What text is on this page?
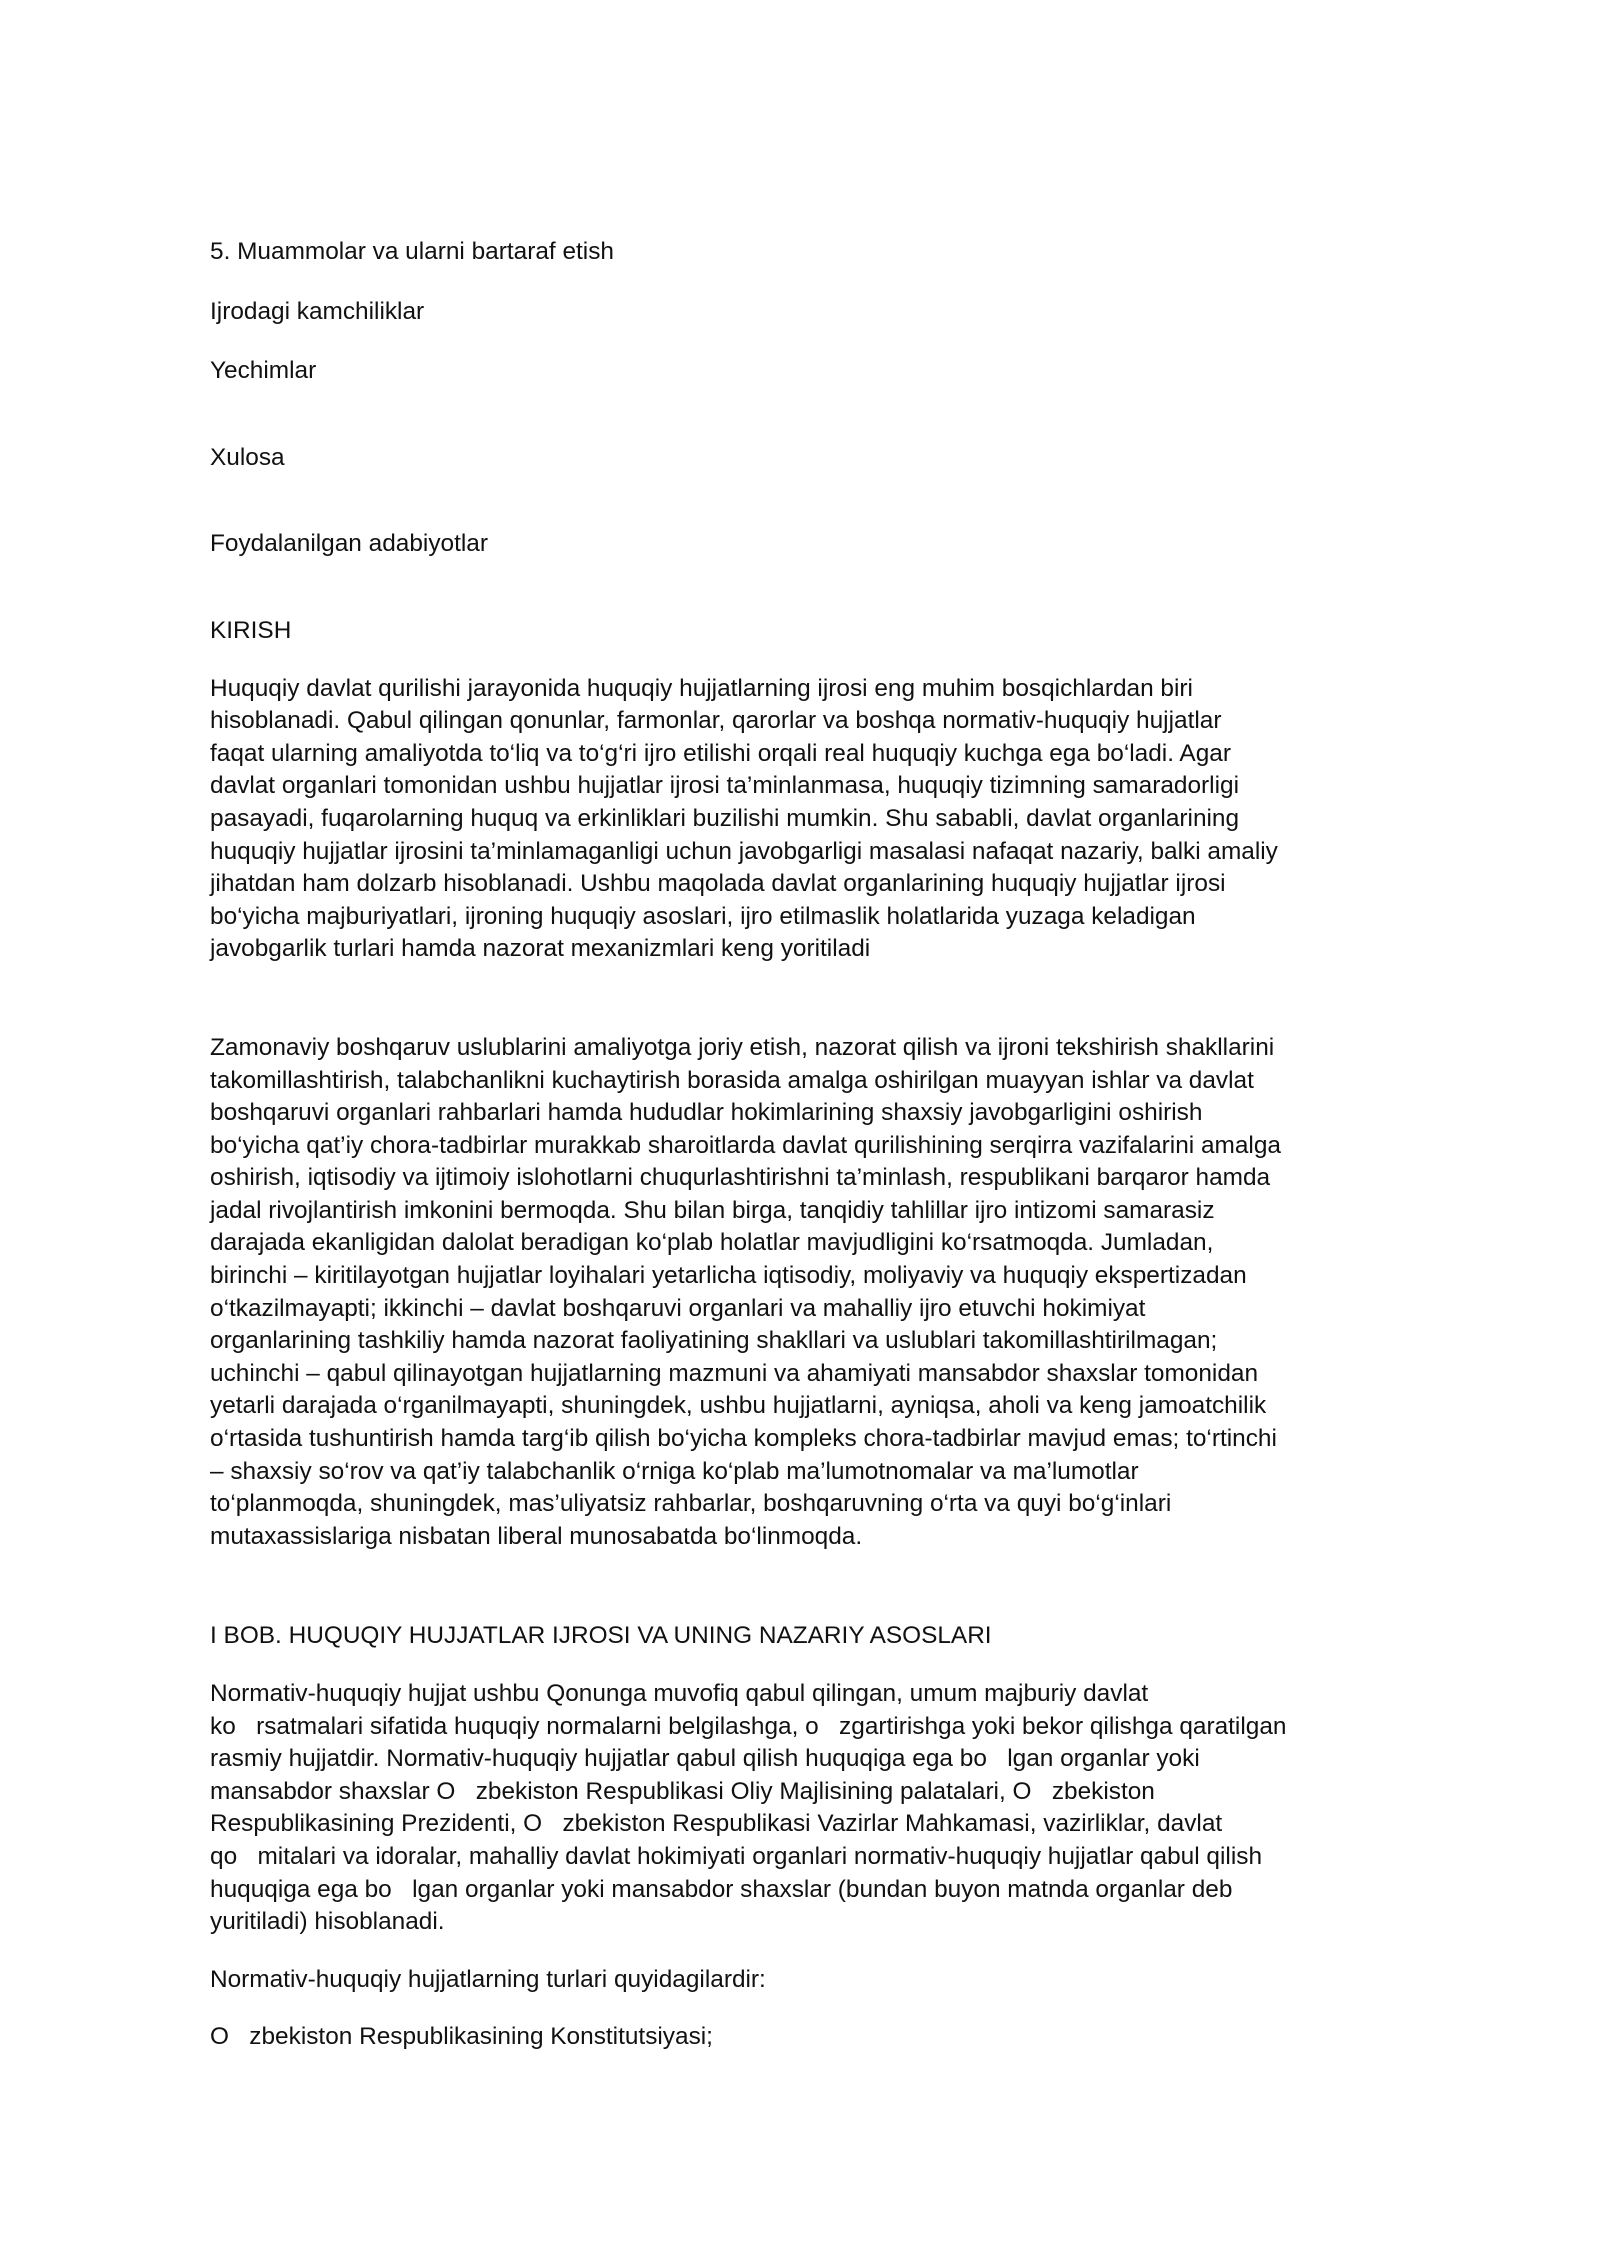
5. Muammolar va ularni bartaraf etish

Ijrodagi kamchiliklar

Yechimlar

Xulosa

Foydalanilgan adabiyotlar

KIRISH

Huquqiy davlat qurilishi jarayonida huquqiy hujjatlarning ijrosi eng muhim bosqichlardan biri
hisoblanadi. Qabul qilingan qonunlar, farmonlar, qarorlar va boshqa normativ-huquqiy hujjatlar
faqat ularning amaliyotda to‘liq va to‘g‘ri ijro etilishi orqali real huquqiy kuchga ega bo‘ladi. Agar
davlat organlari tomonidan ushbu hujjatlar ijrosi ta’minlanmasa, huquqiy tizimning samaradorligi
pasayadi, fuqarolarning huquq va erkinliklari buzilishi mumkin. Shu sababli, davlat organlarining
huquqiy hujjatlar ijrosini ta’minlamaganligi uchun javobgarligi masalasi nafaqat nazariy, balki amaliy
jihatdan ham dolzarb hisoblanadi. Ushbu maqolada davlat organlarining huquqiy hujjatlar ijrosi
bo‘yicha majburiyatlari, ijroning huquqiy asoslari, ijro etilmaslik holatlarida yuzaga keladigan
javobgarlik turlari hamda nazorat mexanizmlari keng yoritiladi
Zamonaviy boshqaruv uslublarini amaliyotga joriy etish, nazorat qilish va ijroni tekshirish shakllarini
takomillashtirish, talabchanlikni kuchaytirish borasida amalga oshirilgan muayyan ishlar va davlat
boshqaruvi organlari rahbarlari hamda hududlar hokimlarining shaxsiy javobgarligini oshirish
bo‘yicha qat’iy chora-tadbirlar murakkab sharoitlarda davlat qurilishining serqirra vazifalarini amalga
oshirish, iqtisodiy va ijtimoiy islohotlarni chuqurlashtirishni ta’minlash, respublikani barqaror hamda
jadal rivojlantirish imkonini bermoqda. Shu bilan birga, tanqidiy tahlillar ijro intizomi samarasiz
darajada ekanligidan dalolat beradigan ko‘plab holatlar mavjudligini ko‘rsatmoqda. Jumladan,
birinchi – kiritilayotgan hujjatlar loyihalari yetarlicha iqtisodiy, moliyaviy va huquqiy ekspertizadan
o‘tkazilmayapti; ikkinchi – davlat boshqaruvi organlari va mahalliy ijro etuvchi hokimiyat
organlarining tashkiliy hamda nazorat faoliyatining shakllari va uslublari takomillashtirilmagan;
uchinchi – qabul qilinayotgan hujjatlarning mazmuni va ahamiyati mansabdor shaxslar tomonidan
yetarli darajada o‘rganilmayapti, shuningdek, ushbu hujjatlarni, ayniqsa, aholi va keng jamoatchilik
o‘rtasida tushuntirish hamda targ‘ib qilish bo‘yicha kompleks chora-tadbirlar mavjud emas; to‘rtinchi
– shaxsiy so‘rov va qat’iy talabchanlik o‘rniga ko‘plab ma’lumotnomalar va ma’lumotlar
to‘planmoqda, shuningdek, mas’uliyatsiz rahbarlar, boshqaruvning o‘rta va quyi bo‘g‘inlari
mutaxassislariga nisbatan liberal munosabatda bo‘linmoqda.

I BOB. HUQUQIY HUJJATLAR IJROSI VA UNING NAZARIY ASOSLARI

Normativ-huquqiy hujjat ushbu Qonunga muvofiq qabul qilingan, umum majburiy davlat
ko   rsatmalari sifatida huquqiy normalarni belgilashga, o   zgartirishga yoki bekor qilishga qaratilgan
rasmiy hujjatdir. Normativ-huquqiy hujjatlar qabul qilish huquqiga ega bo   lgan organlar yoki
mansabdor shaxslar O   zbekiston Respublikasi Oliy Majlisining palatalari, O   zbekiston
Respublikasining Prezidenti, O   zbekiston Respublikasi Vazirlar Mahkamasi, vazirliklar, davlat
qo   mitalari va idoralar, mahalliy davlat hokimiyati organlari normativ-huquqiy hujjatlar qabul qilish
huquqiga ega bo   lgan organlar yoki mansabdor shaxslar (bundan buyon matnda organlar deb
yuritiladi) hisoblanadi.

Normativ-huquqiy hujjatlarning turlari quyidagilardir:

O   zbekiston Respublikasining Konstitutsiyasi;
